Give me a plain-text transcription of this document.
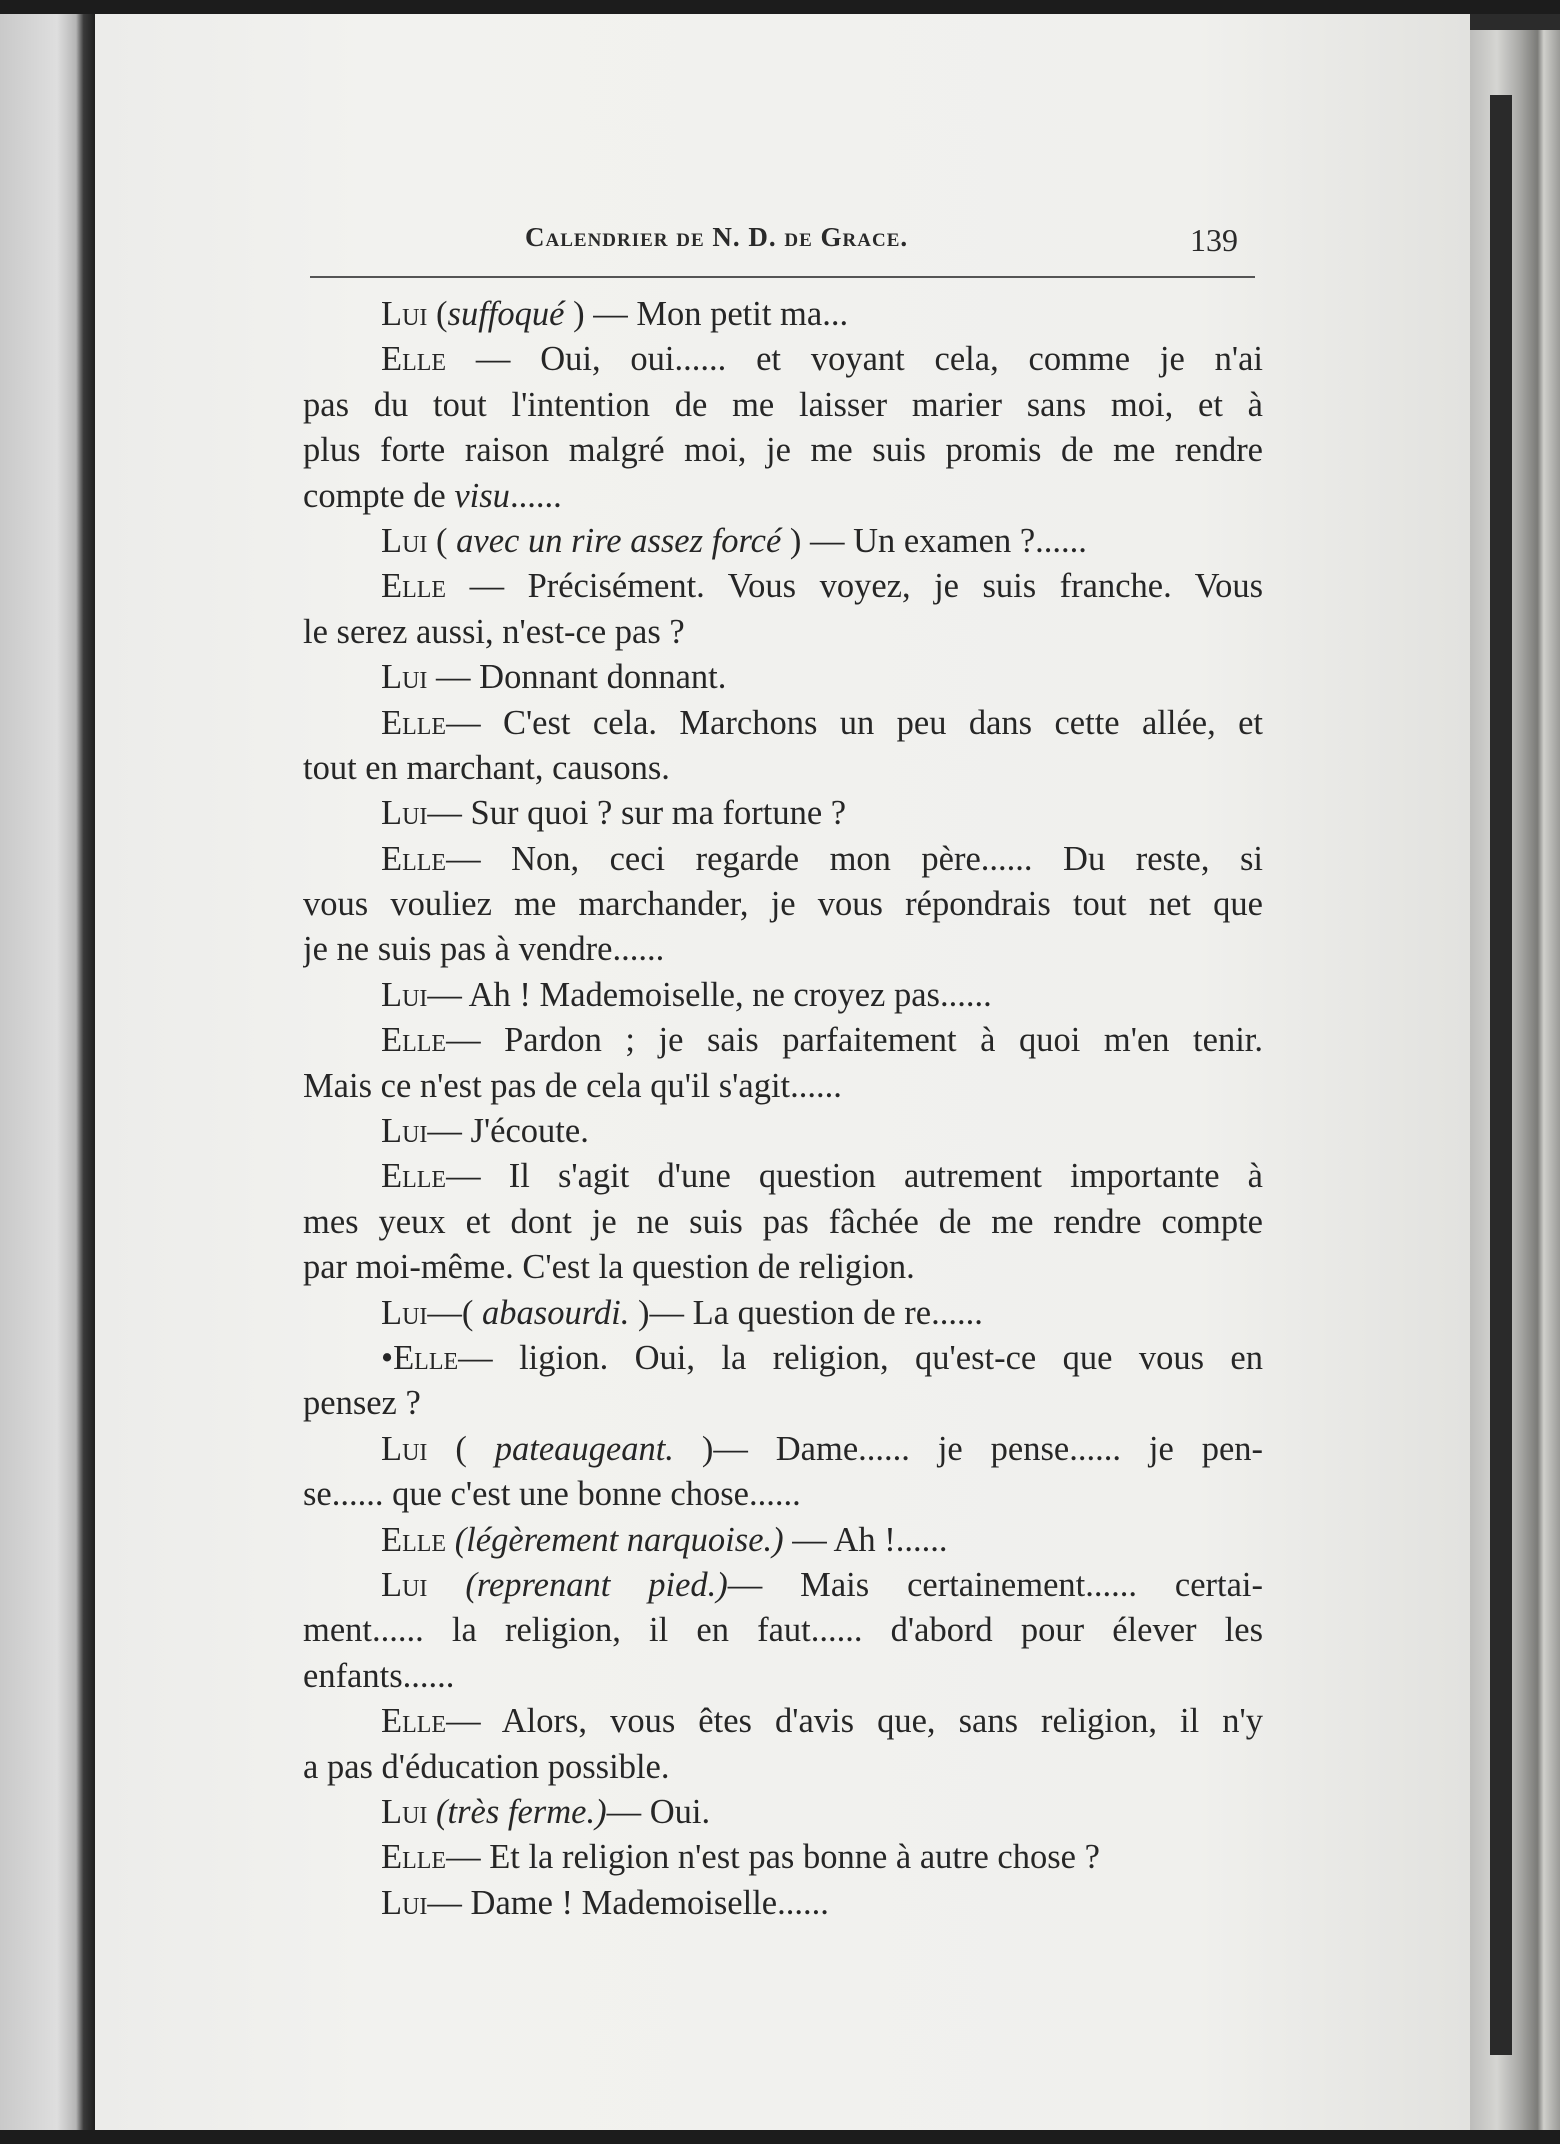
Calendrier de N. D. de Grace.	139
Lui (suffoqué ) — Mon petit ma...
Elle — Oui, oui...... et voyant cela, comme je n'ai
pas du tout l'intention de me laisser marier sans moi, et à
plus forte raison malgré moi, je me suis promis de me rendre
compte de visu......
Lui ( avec un rire assez forcé ) — Un examen ?......
Elle — Précisément. Vous voyez, je suis franche. Vous
le serez aussi, n'est-ce pas ?
Lui — Donnant donnant.
Elle— C'est cela. Marchons un peu dans cette allée, et
tout en marchant, causons.
Lui— Sur quoi ? sur ma fortune ?
Elle— Non, ceci regarde mon père...... Du reste, si
vous vouliez me marchander, je vous répondrais tout net que
je ne suis pas à vendre......
Lui— Ah ! Mademoiselle, ne croyez pas......
Elle— Pardon ; je sais parfaitement à quoi m'en tenir.
Mais ce n'est pas de cela qu'il s'agit......
Lui— J'écoute.
Elle— Il s'agit d'une question autrement importante à
mes yeux et dont je ne suis pas fâchée de me rendre compte
par moi-même. C'est la question de religion.
Lui—( abasourdi. )— La question de re......
•Elle— ligion. Oui, la religion, qu'est-ce que vous en
pensez ?
Lui ( pateaugeant. )— Dame...... je pense...... je pen-
se...... que c'est une bonne chose......
Elle (légèrement narquoise.) — Ah !......
Lui (reprenant pied.)— Mais certainement...... certai-
ment...... la religion, il en faut...... d'abord pour élever les
enfants......
Elle— Alors, vous êtes d'avis que, sans religion, il n'y
a pas d'éducation possible.
Lui (très ferme.)— Oui.
Elle— Et la religion n'est pas bonne à autre chose ?
Lui— Dame ! Mademoiselle......
